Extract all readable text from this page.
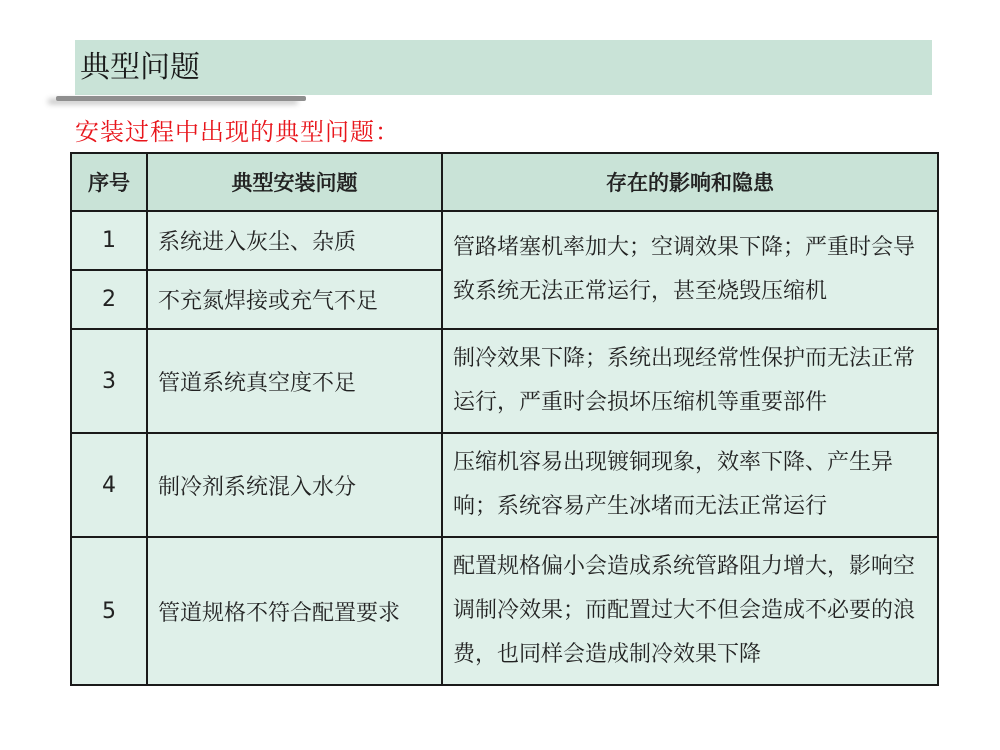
典型问题
安装过程中出现的典型问题：
序号	典型安装问题	存在的影响和隐患
1	系统进入灰尘、杂质	管路堵塞机率加大；空调效果下降；严重时会导致系统无法正常运行，甚至烧毁压缩机
2	不充氮焊接或充气不足	
3	管道系统真空度不足	制冷效果下降；系统出现经常性保护而无法正常运行，严重时会损坏压缩机等重要部件
4	制冷剂系统混入水分	压缩机容易出现镀铜现象，效率下降、产生异响；系统容易产生冰堵而无法正常运行
5	管道规格不符合配置要求	配置规格偏小会造成系统管路阻力增大，影响空调制冷效果；而配置过大不但会造成不必要的浪费，也同样会造成制冷效果下降
